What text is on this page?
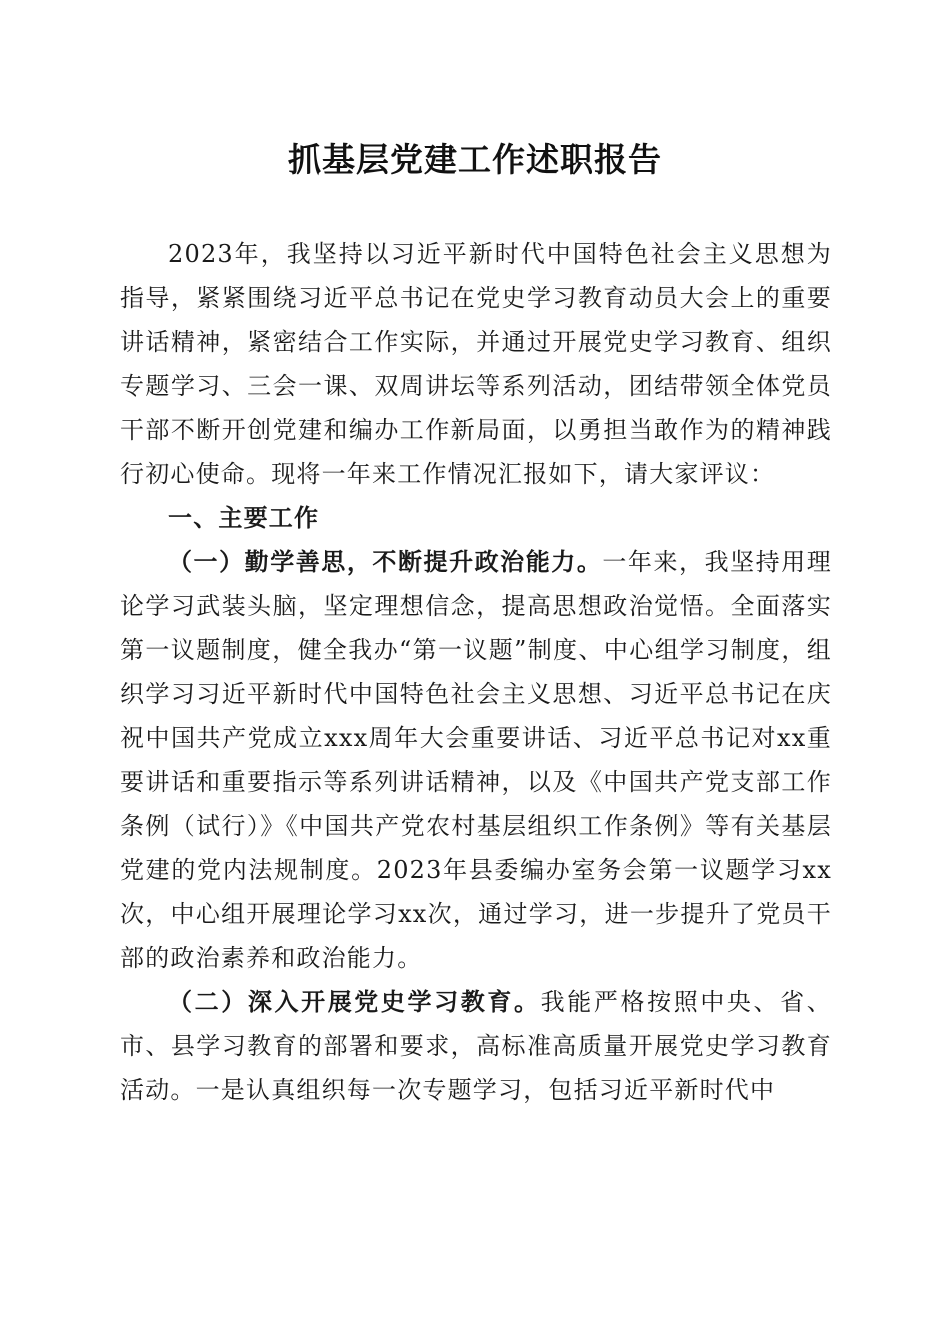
抓基层党建工作述职报告

2023年，我坚持以习近平新时代中国特色社会主义思想为指导，紧紧围绕习近平总书记在党史学习教育动员大会上的重要讲话精神，紧密结合工作实际，并通过开展党史学习教育、组织专题学习、三会一课、双周讲坛等系列活动，团结带领全体党员干部不断开创党建和编办工作新局面，以勇担当敢作为的精神践行初心使命。现将一年来工作情况汇报如下，请大家评议：

一、主要工作

（一）勤学善思，不断提升政治能力。一年来，我坚持用理论学习武装头脑，坚定理想信念，提高思想政治觉悟。全面落实第一议题制度，健全我办“第一议题”制度、中心组学习制度，组织学习习近平新时代中国特色社会主义思想、习近平总书记在庆祝中国共产党成立xxx周年大会重要讲话、习近平总书记对xx重要讲话和重要指示等系列讲话精神，以及《中国共产党支部工作条例（试行）》《中国共产党农村基层组织工作条例》等有关基层党建的党内法规制度。2023年县委编办室务会第一议题学习xx次，中心组开展理论学习xx次，通过学习，进一步提升了党员干部的政治素养和政治能力。

（二）深入开展党史学习教育。我能严格按照中央、省、市、县学习教育的部署和要求，高标准高质量开展党史学习教育活动。一是认真组织每一次专题学习，包括习近平新时代中
